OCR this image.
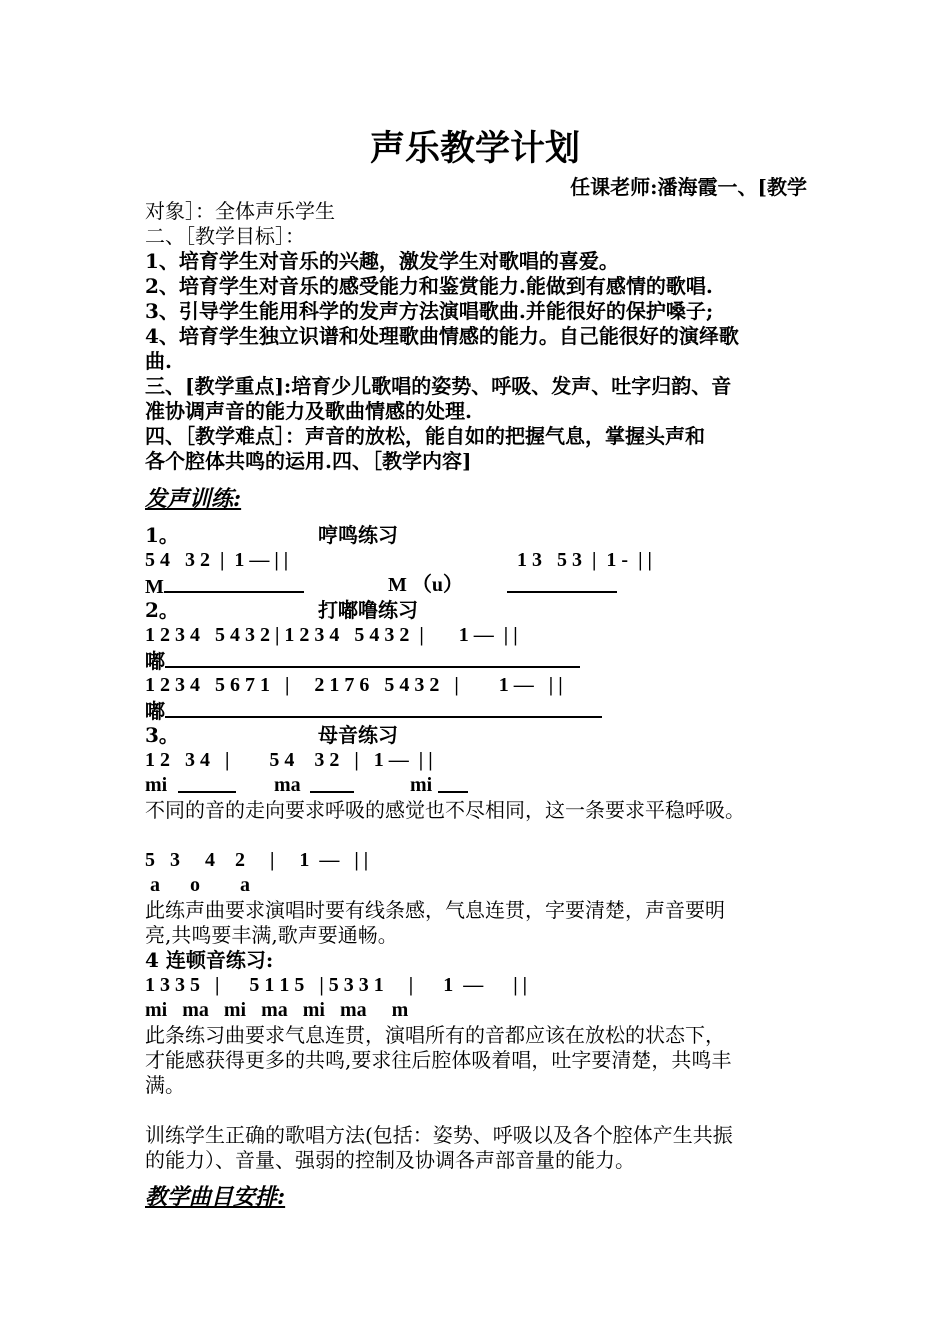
声乐教学计划
任课老师:潘海霞一、[教学
对象］：全体声乐学生
二、［教学目标］：
1、培育学生对音乐的兴趣，激发学生对歌唱的喜爱。
2、培育学生对音乐的感受能力和鉴赏能力.能做到有感情的歌唱.
3、引导学生能用科学的发声方法演唱歌曲.并能很好的保护嗓子;
4、培育学生独立识谱和处理歌曲情感的能力。自己能很好的演绎歌
曲.
三、[教学重点]:培育少儿歌唱的姿势、呼吸、发声、吐字归韵、音
准协调声音的能力及歌曲情感的处理.
四、［教学难点］：声音的放松，能自如的把握气息，掌握头声和
各个腔体共鸣的运用.四、［教学内容]
发声训练:
1。	哼鸣练习
5 4   3 2  |  1 — | |	1 3   5 3  |  1 -  | |
M	M （u）
2。	打嘟噜练习
1 2 3 4   5 4 3 2 | 1 2 3 4   5 4 3 2  |       1 —  | |
嘟
1 2 3 4   5 6 7 1   |     2 1 7 6   5 4 3 2   |        1 —   | |
嘟
3。	母音练习
1 2   3 4   |        5 4    3 2   |   1 —  | |
mi	ma	mi
不同的音的走向要求呼吸的感觉也不尽相同，这一条要求平稳呼吸。
5   3     4    2     |     1  —   | |
a      o        a
此练声曲要求演唱时要有线条感，气息连贯，字要清楚，声音要明
亮,共鸣要丰满,歌声要通畅。
4 连顿音练习:
1 3 3 5   |      5 1 1 5   | 5 3 3 1     |      1  —      | |
mi   ma   mi   ma   mi   ma     m
此条练习曲要求气息连贯，演唱所有的音都应该在放松的状态下，
才能感获得更多的共鸣,要求往后腔体吸着唱，吐字要清楚，共鸣丰
满。
训练学生正确的歌唱方法(包括：姿势、呼吸以及各个腔体产生共振
的能力）、音量、强弱的控制及协调各声部音量的能力。
教学曲目安排:
